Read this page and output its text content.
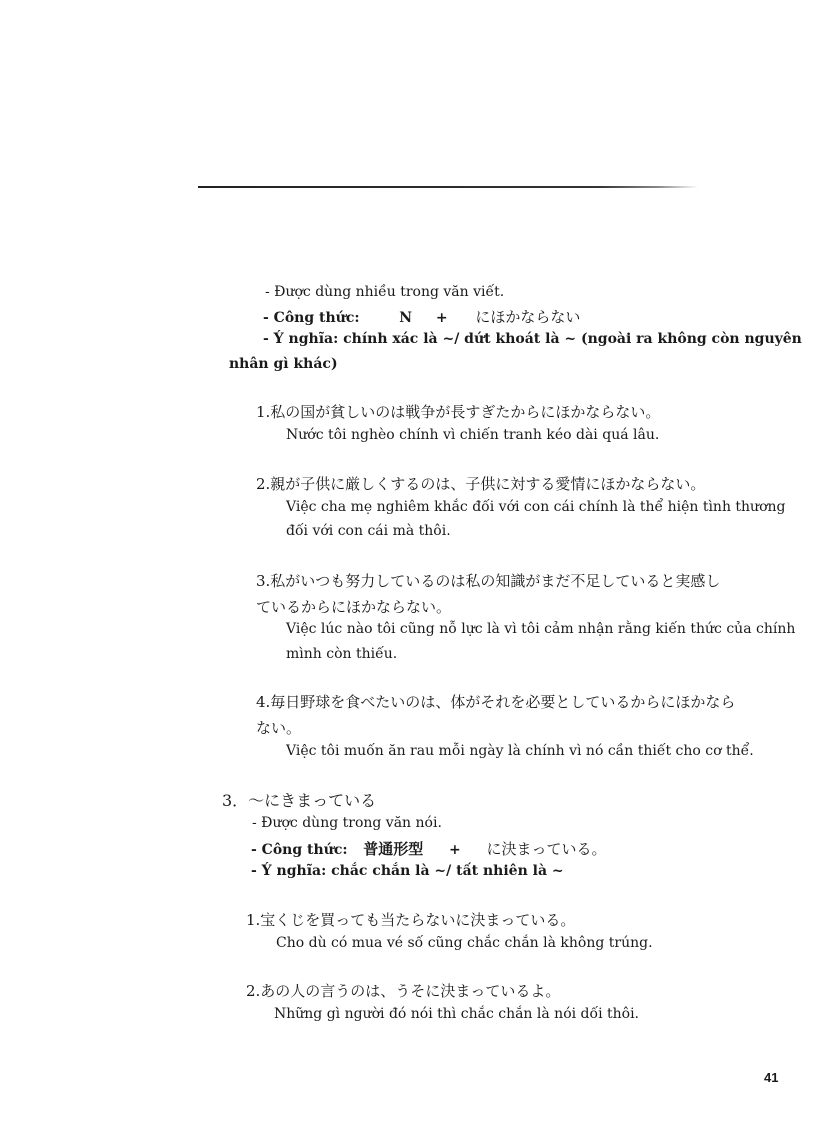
- Được dùng nhiều trong văn viết.
- Công thức:	N + にほかならない
- Ý nghĩa: chính xác là ~/ dứt khoát là ~ (ngoài ra không còn nguyên
nhân gì khác)
1.私の国が貧しいのは戦争が長すぎたからにほかならない。
Nước tôi nghèo chính vì chiến tranh kéo dài quá lâu.
2.親が子供に厳しくするのは、子供に対する愛情にほかならない。
Việc cha mẹ nghiêm khắc đối với con cái chính là thể hiện tình thương
đối với con cái mà thôi.
3.私がいつも努力しているのは私の知識がまだ不足していると実感し
ているからにほかならない。
Việc lúc nào tôi cũng nỗ lực là vì tôi cảm nhận rằng kiến thức của chính
mình còn thiếu.
4.毎日野球を食べたいのは、体がそれを必要としているからにほかなら
ない。
Việc tôi muốn ăn rau mỗi ngày là chính vì nó cần thiết cho cơ thể.
3．～にきまっている
- Được dùng trong văn nói.
- Công thức: 普通形型 + に決まっている。
- Ý nghĩa: chắc chắn là ~/ tất nhiên là ~
1.宝くじを買っても当たらないに決まっている。
Cho dù có mua vé số cũng chắc chắn là không trúng.
2.あの人の言うのは、うそに決まっているよ。
Những gì người đó nói thì chắc chắn là nói dối thôi.
41
